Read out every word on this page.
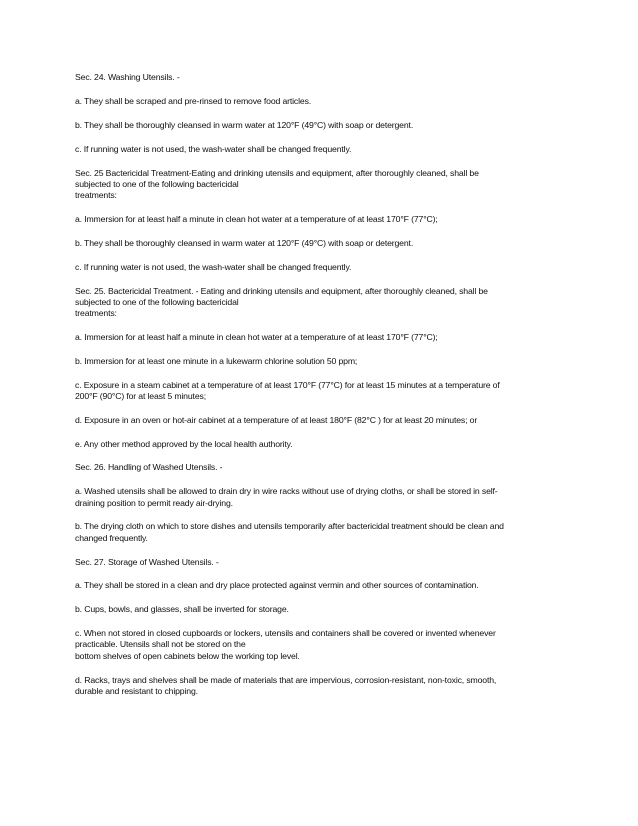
Sec. 24. Washing Utensils. -

a. They shall be scraped and pre-rinsed to remove food articles.

b. They shall be thoroughly cleansed in warm water at 120°F (49°C) with soap or detergent.

c. If running water is not used, the wash-water shall be changed frequently.

Sec. 25 Bactericidal Treatment-Eating and drinking utensils and equipment, after thoroughly cleaned, shall be
subjected to one of the following bactericidal
treatments:

a. Immersion for at least half a minute in clean hot water at a temperature of at least 170°F (77°C);

b. They shall be thoroughly cleansed in warm water at 120°F (49°C) with soap or detergent.

c. If running water is not used, the wash-water shall be changed frequently.

Sec. 25. Bactericidal Treatment. - Eating and drinking utensils and equipment, after thoroughly cleaned, shall be
subjected to one of the following bactericidal
treatments:

a. Immersion for at least half a minute in clean hot water at a temperature of at least 170°F (77°C);

b. Immersion for at least one minute in a lukewarm chlorine solution 50 ppm;

c. Exposure in a steam cabinet at a temperature of at least 170°F (77°C) for at least 15 minutes at a temperature of
200°F (90°C) for at least 5 minutes;

d. Exposure in an oven or hot-air cabinet at a temperature of at least 180°F (82°C ) for at least 20 minutes; or

e. Any other method approved by the local health authority.

Sec. 26. Handling of Washed Utensils. -

a. Washed utensils shall be allowed to drain dry in wire racks without use of drying cloths, or shall be stored in self-
draining position to permit ready air-drying.

b. The drying cloth on which to store dishes and utensils temporarily after bactericidal treatment should be clean and
changed frequently.

Sec. 27. Storage of Washed Utensils. -

a. They shall be stored in a clean and dry place protected against vermin and other sources of contamination.

b. Cups, bowls, and glasses, shall be inverted for storage.

c. When not stored in closed cupboards or lockers, utensils and containers shall be covered or invented whenever
practicable. Utensils shall not be stored on the
bottom shelves of open cabinets below the working top level.

d. Racks, trays and shelves shall be made of materials that are impervious, corrosion-resistant, non-toxic, smooth,
durable and resistant to chipping.
